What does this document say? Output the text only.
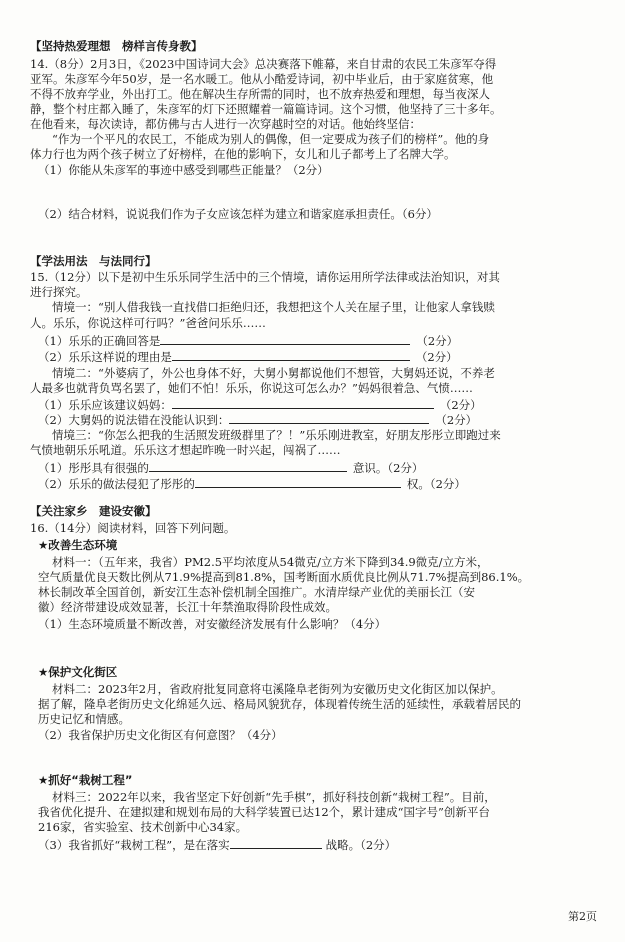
【坚持热爱理想　榜样言传身教】
14.（8分）2月3日，《2023中国诗词大会》总决赛落下帷幕，来自甘肃的农民工朱彦军夺得
亚军。朱彦军今年50岁，是一名水暖工。他从小酷爱诗词，初中毕业后，由于家庭贫寒，他
不得不放弃学业，外出打工。他在解决生存所需的同时，也不放弃热爱和理想，每当夜深人
静，整个村庄都入睡了，朱彦军的灯下还照耀着一篇篇诗词。这个习惯，他坚持了三十多年。
在他看来，每次读诗，都仿佛与古人进行一次穿越时空的对话。他始终坚信：
“作为一个平凡的农民工，不能成为别人的偶像，但一定要成为孩子们的榜样”。他的身
体力行也为两个孩子树立了好榜样，在他的影响下，女儿和儿子都考上了名牌大学。
（1）你能从朱彦军的事迹中感受到哪些正能量？（2分）
（2）结合材料，说说我们作为子女应该怎样为建立和谐家庭承担责任。（6分）
【学法用法　与法同行】
15.（12分）以下是初中生乐乐同学生活中的三个情境，请你运用所学法律或法治知识，对其
进行探究。
情境一：“别人借我钱一直找借口拒绝归还，我想把这个人关在屋子里，让他家人拿钱赎
人。乐乐，你说这样可行吗？”爸爸问乐乐……
（1）乐乐的正确回答是	（2分）
（2）乐乐这样说的理由是	（2分）
情境二：“外婆病了，外公也身体不好，大舅小舅都说他们不想管，大舅妈还说，不养老
人最多也就背负骂名罢了，她们不怕！乐乐，你说这可怎么办？”妈妈很着急、气愤……
（1）乐乐应该建议妈妈：	（2分）
（2）大舅妈的说法错在没能认识到：	（2分）
情境三：“你怎么把我的生活照发班级群里了？！”乐乐刚进教室，好朋友彤彤立即跑过来
气愤地朝乐乐吼道。乐乐这才想起昨晚一时兴起，闯祸了……
（1）彤彤具有很强的	意识。（2分）
（2）乐乐的做法侵犯了彤彤的	权。（2分）
【关注家乡　建设安徽】
16.（14分）阅读材料，回答下列问题。
★改善生态环境
材料一：（五年来，我省）PM2.5平均浓度从54微克/立方米下降到34.9微克/立方米，
空气质量优良天数比例从71.9%提高到81.8%，国考断面水质优良比例从71.7%提高到86.1%。
林长制改革全国首创，新安江生态补偿机制全国推广。水清岸绿产业优的美丽长江（安
徽）经济带建设成效显著，长江十年禁渔取得阶段性成效。
（1）生态环境质量不断改善，对安徽经济发展有什么影响？（4分）
★保护文化街区
材料二：2023年2月，省政府批复同意将屯溪隆阜老街列为安徽历史文化街区加以保护。
据了解，隆阜老街历史文化绵延久远、格局风貌犹存，体现着传统生活的延续性，承载着居民的
历史记忆和情感。
（2）我省保护历史文化街区有何意图？（4分）
★抓好“栽树工程”
材料三：2022年以来，我省坚定下好创新“先手棋”，抓好科技创新“栽树工程”。目前，
我省优化提升、在建拟建和规划布局的大科学装置已达12个，累计建成“国字号”创新平台
216家，省实验室、技术创新中心34家。
（3）我省抓好“栽树工程”，是在落实	战略。（2分）
第2页
